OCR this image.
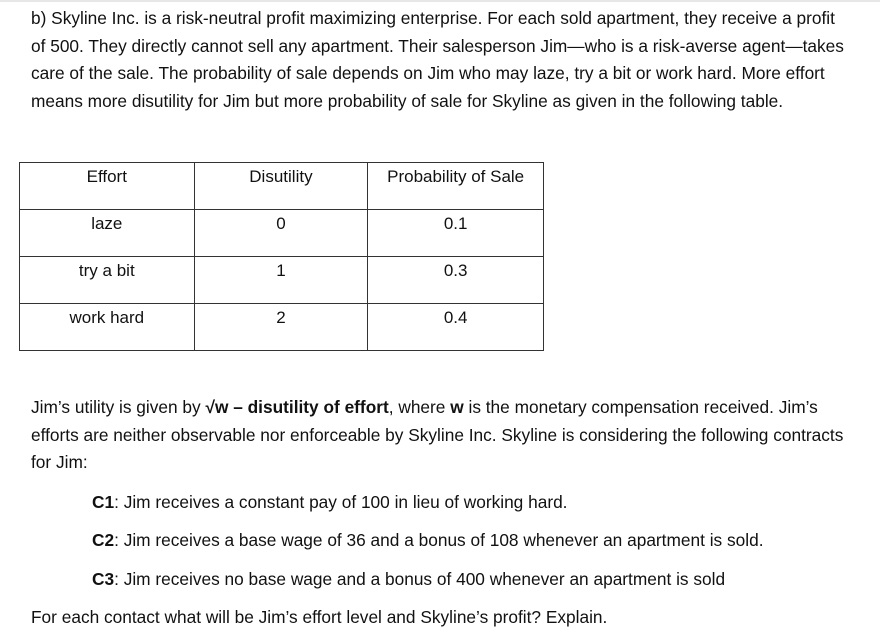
b) Skyline Inc. is a risk-neutral profit maximizing enterprise. For each sold apartment, they receive a profit of 500. They directly cannot sell any apartment. Their salesperson Jim—who is a risk-averse agent—takes care of the sale. The probability of sale depends on Jim who may laze, try a bit or work hard. More effort means more disutility for Jim but more probability of sale for Skyline as given in the following table.

Effort	Disutility	Probability of Sale
laze	0	0.1
try a bit	1	0.3
work hard	2	0.4

Jim’s utility is given by √w – disutility of effort, where w is the monetary compensation received. Jim’s efforts are neither observable nor enforceable by Skyline Inc. Skyline is considering the following contracts for Jim:

C1: Jim receives a constant pay of 100 in lieu of working hard.

C2: Jim receives a base wage of 36 and a bonus of 108 whenever an apartment is sold.

C3: Jim receives no base wage and a bonus of 400 whenever an apartment is sold

For each contact what will be Jim’s effort level and Skyline’s profit? Explain.
